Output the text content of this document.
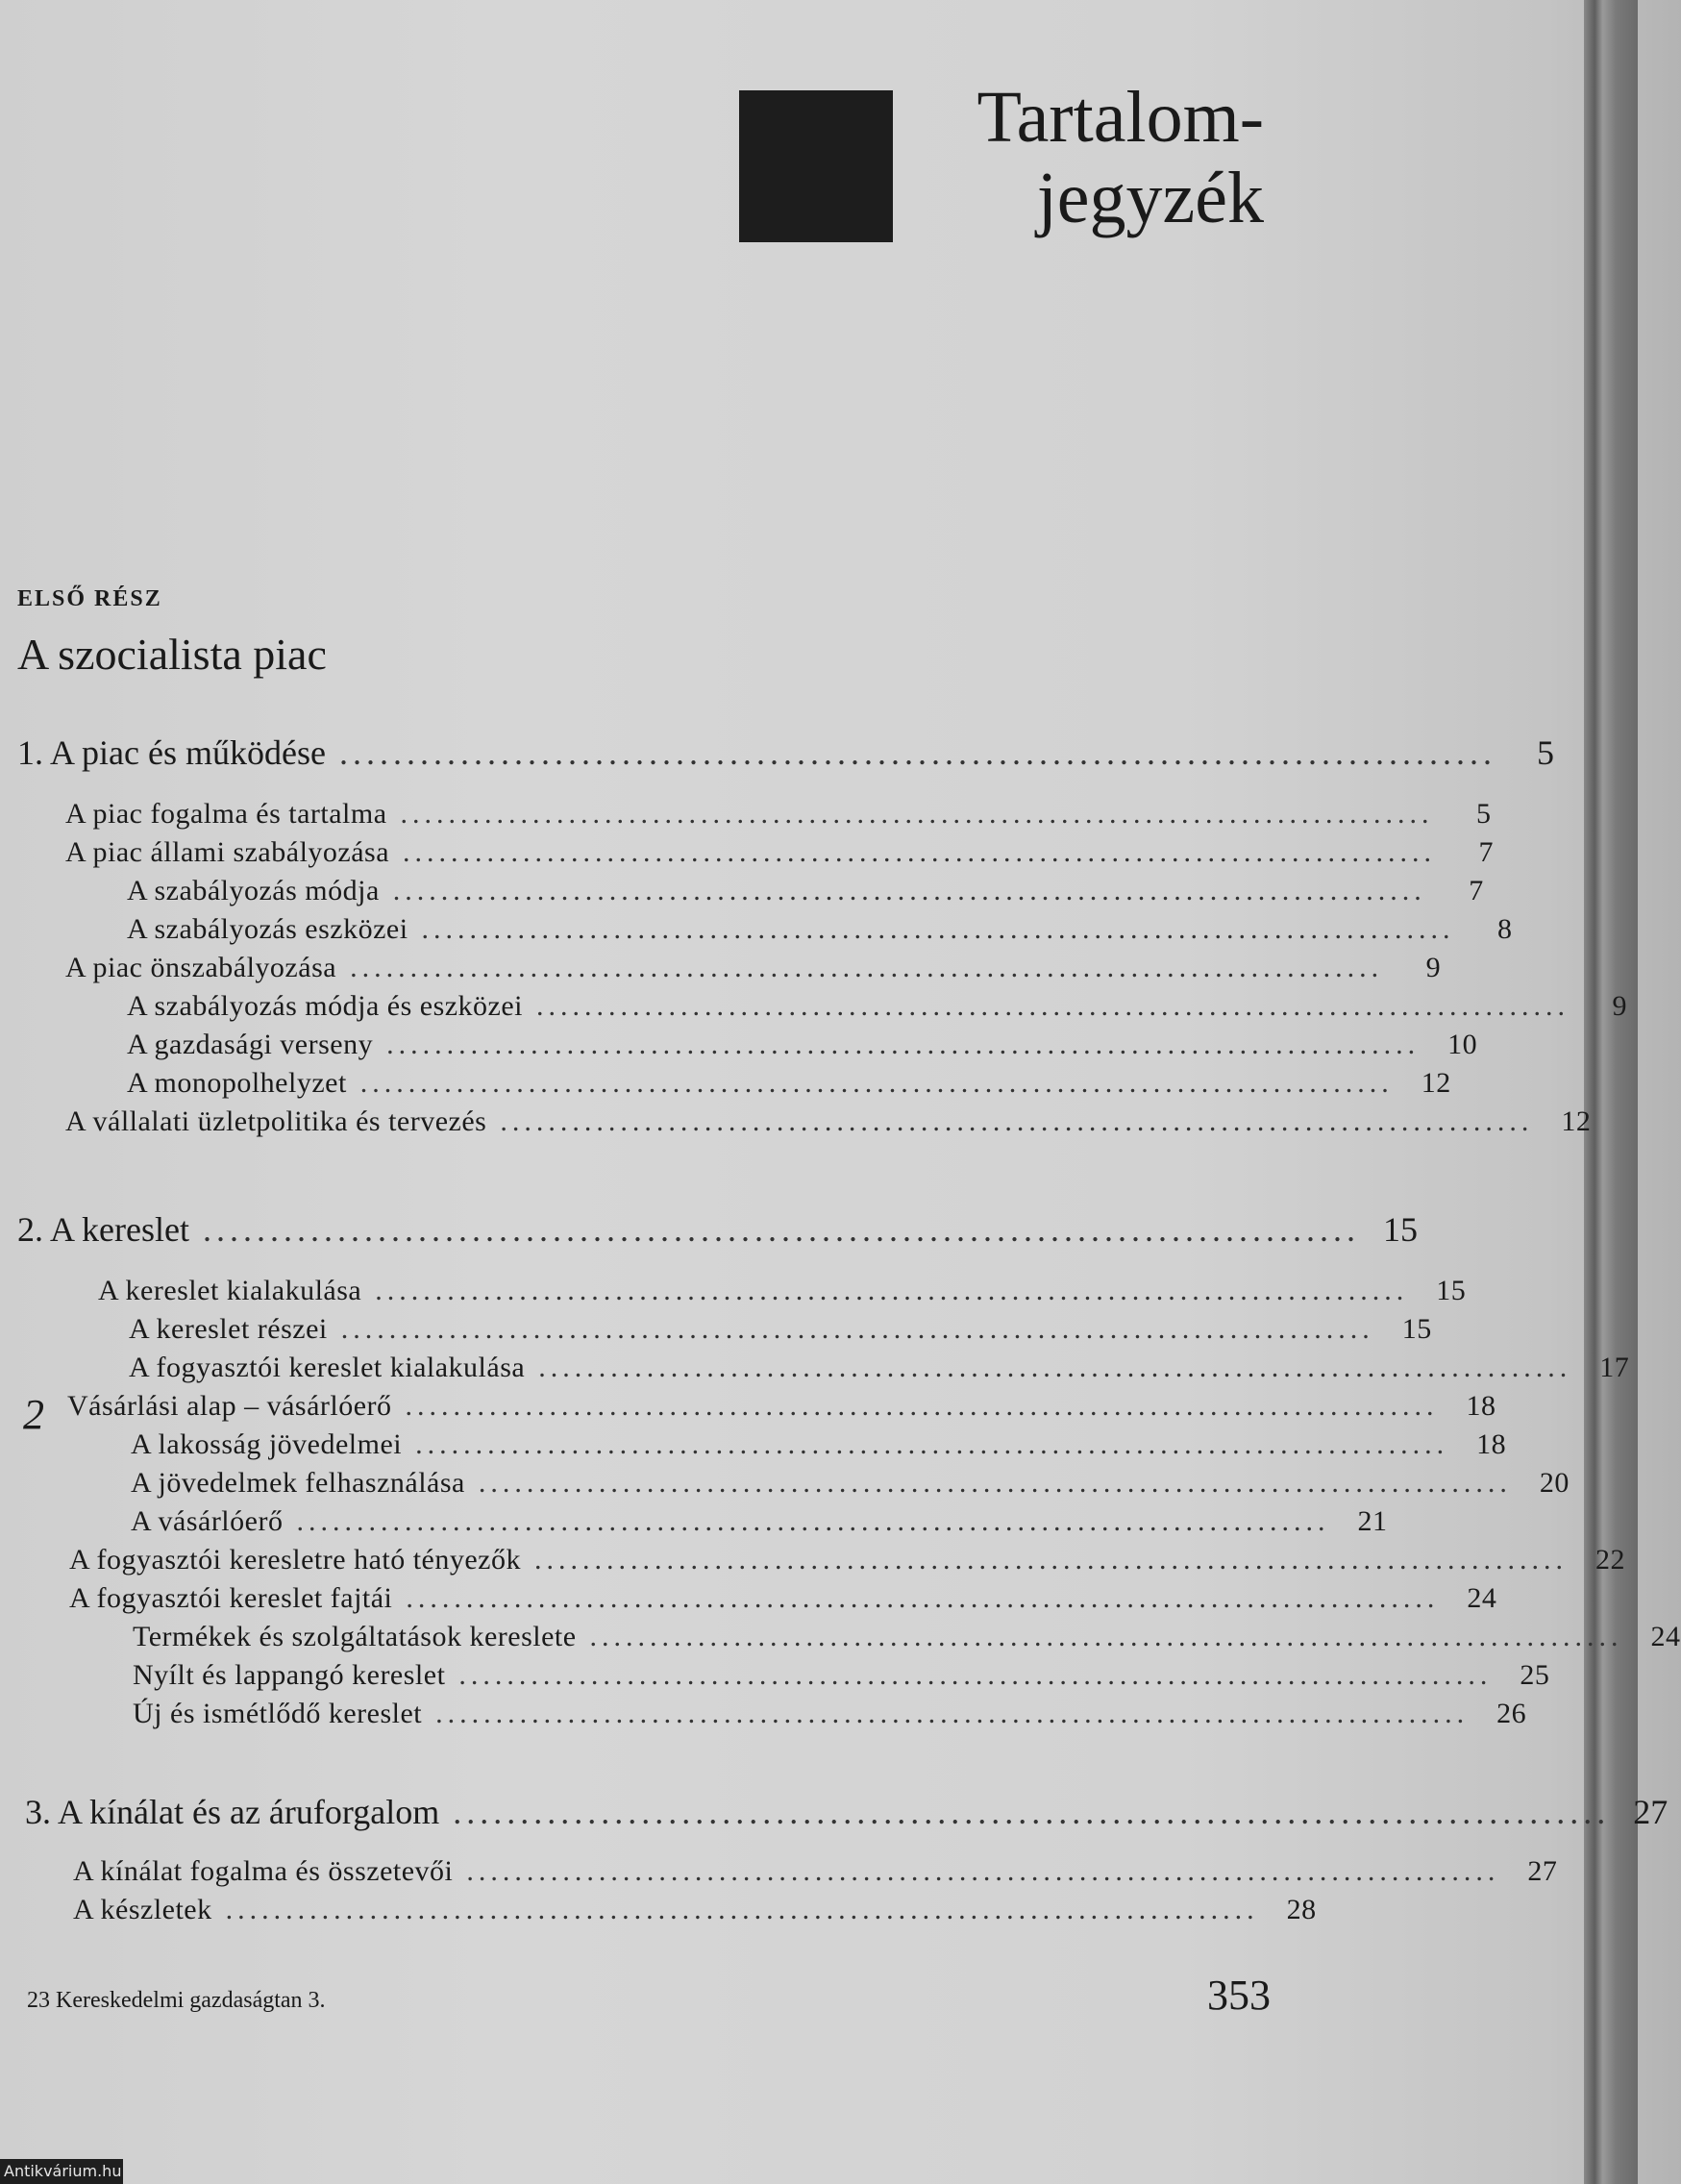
Tartalom-
jegyzék
ELSŐ RÉSZ
A szocialista piac
1. A piac és működése ......................................................................................	5
A piac fogalma és tartalma ......................................................................................	5
A piac állami szabályozása ......................................................................................	7
A szabályozás módja ......................................................................................	7
A szabályozás eszközei ......................................................................................	8
A piac önszabályozása ......................................................................................	9
A szabályozás módja és eszközei ......................................................................................	9
A gazdasági verseny ...................................................................................... 10
A monopolhelyzet ...................................................................................... 12
A vállalati üzletpolitika és tervezés ...................................................................................... 12
2. A kereslet ...................................................................................... 15
A kereslet kialakulása ...................................................................................... 15
A kereslet részei ...................................................................................... 15
A fogyasztói kereslet kialakulása ...................................................................................... 17
2 Vásárlási alap – vásárlóerő ...................................................................................... 18
A lakosság jövedelmei ...................................................................................... 18
A jövedelmek felhasználása ...................................................................................... 20
A vásárlóerő ...................................................................................... 21
A fogyasztói keresletre ható tényezők ...................................................................................... 22
A fogyasztói kereslet fajtái ...................................................................................... 24
Termékek és szolgáltatások kereslete ...................................................................................... 24
Nyílt és lappangó kereslet ...................................................................................... 25
Új és ismétlődő kereslet ...................................................................................... 26
3. A kínálat és az áruforgalom ...................................................................................... 27
A kínálat fogalma és összetevői ...................................................................................... 27
A készletek ...................................................................................... 28
23 Kereskedelmi gazdaságtan 3.	353
Antikvárium.hu
